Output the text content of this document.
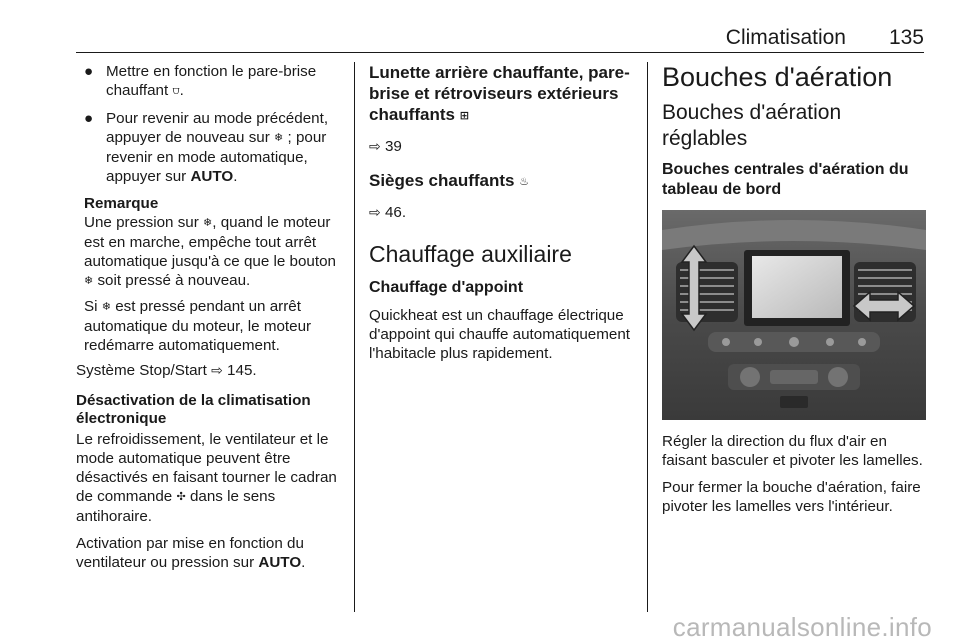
Climatisation 135
● Mettre en fonction le pare-brise chauffant ⩌.
● Pour revenir au mode précédent, appuyer de nouveau sur ❄ ; pour revenir en mode automatique, appuyer sur AUTO.
Remarque
Une pression sur ❄, quand le moteur est en marche, empêche tout arrêt automatique jusqu'à ce que le bouton ❄ soit pressé à nouveau.
Si ❄ est pressé pendant un arrêt automatique du moteur, le moteur redémarre automatiquement.

Système Stop/Start ⇨ 145.

Désactivation de la climatisation électronique

Le refroidissement, le ventilateur et le mode automatique peuvent être désactivés en faisant tourner le cadran de commande ✣ dans le sens antihoraire.

Activation par mise en fonction du ventilateur ou pression sur AUTO.

Lunette arrière chauffante, pare-brise et rétroviseurs extérieurs chauffants ⊞

⇨ 39

Sièges chauffants ♨

⇨ 46.

Chauffage auxiliaire
Chauffage d'appoint

Quickheat est un chauffage électrique d'appoint qui chauffe automatiquement l'habitacle plus rapidement.

Bouches d'aération
Bouches d'aération réglables
Bouches centrales d'aération du tableau de bord

Régler la direction du flux d'air en faisant basculer et pivoter les lamelles.

Pour fermer la bouche d'aération, faire pivoter les lamelles vers l'intérieur.

carmanualsonline.info
